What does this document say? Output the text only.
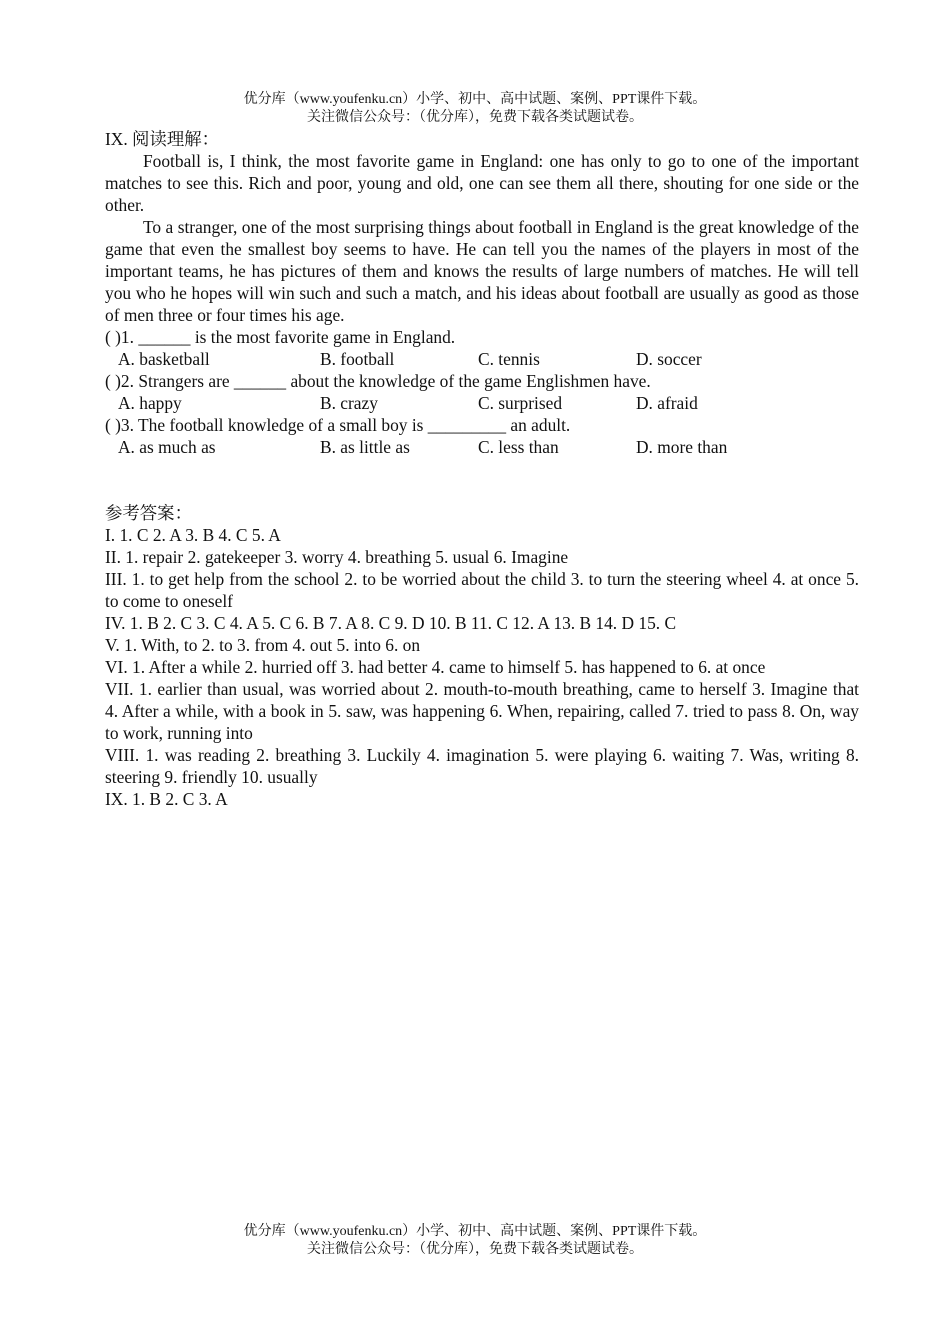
优分库（www.youfenku.cn）小学、初中、高中试题、案例、PPT课件下载。
关注微信公众号：（优分库），免费下载各类试题试卷。
IX. 阅读理解：
Football is, I think, the most favorite game in England: one has only to go to one of the important matches to see this. Rich and poor, young and old, one can see them all there, shouting for one side or the other.
To a stranger, one of the most surprising things about football in England is the great knowledge of the game that even the smallest boy seems to have. He can tell you the names of the players in most of the important teams, he has pictures of them and knows the results of large numbers of matches. He will tell you who he hopes will win such and such a match, and his ideas about football are usually as good as those of men three or four times his age.
( )1. ______ is the most favorite game in England.
A. basketball	B. football	C. tennis	D. soccer
( )2. Strangers are ______ about the knowledge of the game Englishmen have.
A. happy	B. crazy	C. surprised	D. afraid
( )3. The football knowledge of a small boy is _________ an adult.
A. as much as	B. as little as	C. less than	D. more than
参考答案：
I. 1. C 2. A 3. B 4. C 5. A
II. 1. repair 2. gatekeeper 3. worry 4. breathing 5. usual 6. Imagine
III. 1. to get help from the school 2. to be worried about the child 3. to turn the steering wheel 4. at once 5. to come to oneself
IV. 1. B 2. C 3. C 4. A 5. C 6. B 7. A 8. C 9. D 10. B 11. C 12. A 13. B 14. D 15. C
V. 1. With, to 2. to 3. from 4. out 5. into 6. on
VI. 1. After a while 2. hurried off 3. had better 4. came to himself 5. has happened to 6. at once
VII. 1. earlier than usual, was worried about 2. mouth-to-mouth breathing, came to herself 3. Imagine that 4. After a while, with a book in 5. saw, was happening 6. When, repairing, called 7. tried to pass 8. On, way to work, running into
VIII. 1. was reading 2. breathing 3. Luckily 4. imagination 5. were playing 6. waiting 7. Was, writing 8. steering 9. friendly 10. usually
IX. 1. B 2. C 3. A
优分库（www.youfenku.cn）小学、初中、高中试题、案例、PPT课件下载。
关注微信公众号：（优分库），免费下载各类试题试卷。
